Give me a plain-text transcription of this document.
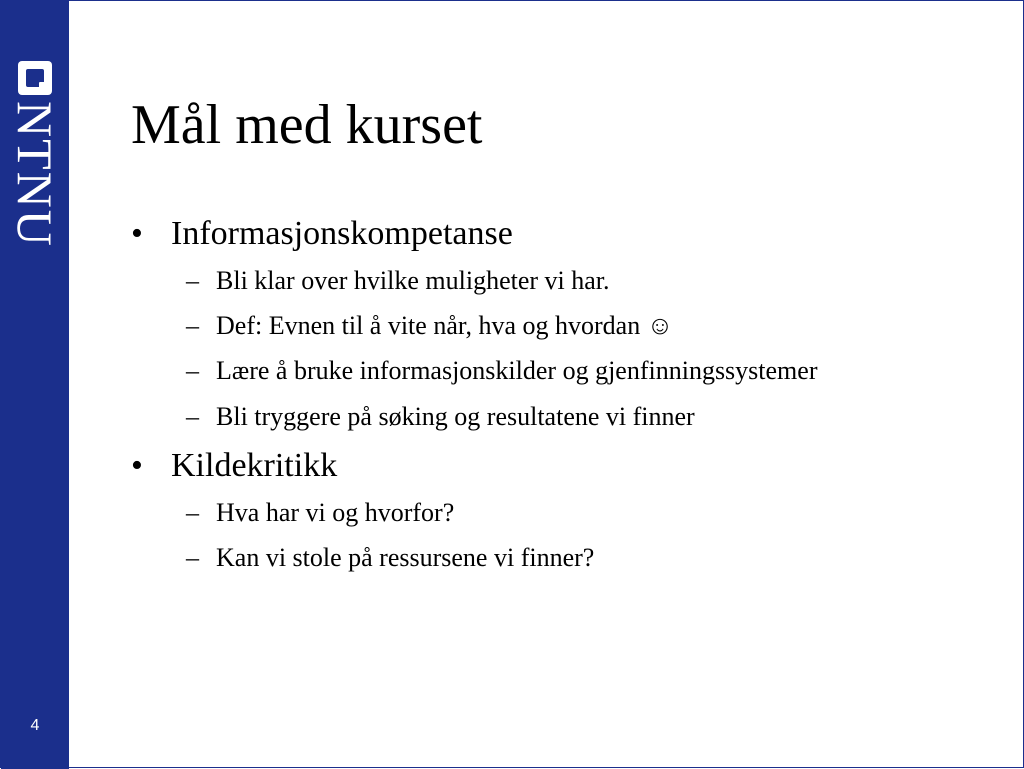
NTNU
4
Mål med kurset
• Informasjonskompetanse
– Bli klar over hvilke muligheter vi har.
– Def: Evnen til å vite når, hva og hvordan ☺
– Lære å bruke informasjonskilder og gjenfinningssystemer
– Bli tryggere på søking og resultatene vi finner
• Kildekritikk
– Hva har vi og hvorfor?
– Kan vi stole på ressursene vi finner?
